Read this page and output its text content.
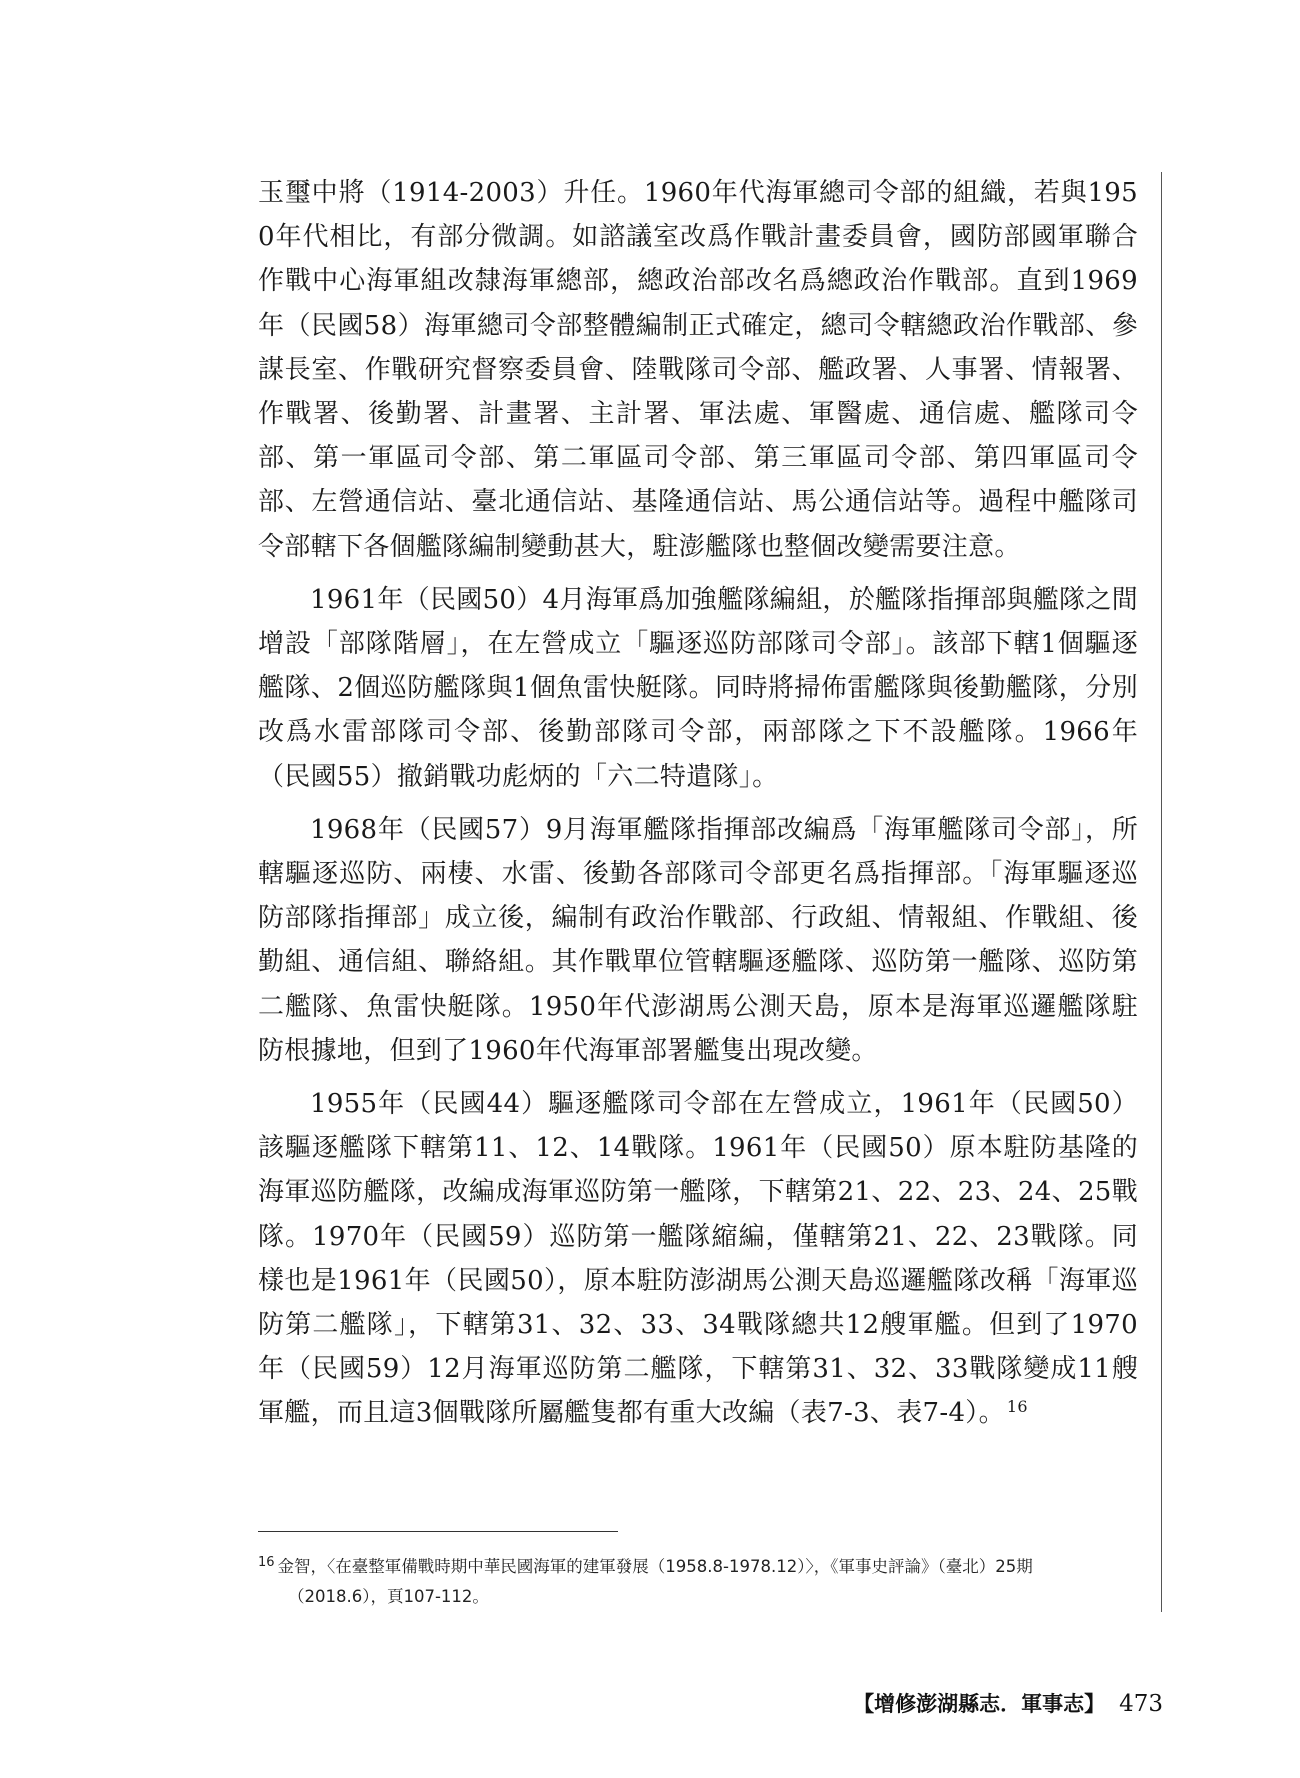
玉璽中將（1914-2003）升任。1960年代海軍總司令部的組織，若與1950年代相比，有部分微調。如諮議室改爲作戰計畫委員會，國防部國軍聯合作戰中心海軍組改隸海軍總部，總政治部改名爲總政治作戰部。直到1969年（民國58）海軍總司令部整體編制正式確定，總司令轄總政治作戰部、參謀長室、作戰研究督察委員會、陸戰隊司令部、艦政署、人事署、情報署、作戰署、後勤署、計畫署、主計署、軍法處、軍醫處、通信處、艦隊司令部、第一軍區司令部、第二軍區司令部、第三軍區司令部、第四軍區司令部、左營通信站、臺北通信站、基隆通信站、馬公通信站等。過程中艦隊司令部轄下各個艦隊編制變動甚大，駐澎艦隊也整個改變需要注意。

1961年（民國50）4月海軍爲加強艦隊編組，於艦隊指揮部與艦隊之間增設「部隊階層」，在左營成立「驅逐巡防部隊司令部」。該部下轄1個驅逐艦隊、2個巡防艦隊與1個魚雷快艇隊。同時將掃佈雷艦隊與後勤艦隊，分別改爲水雷部隊司令部、後勤部隊司令部，兩部隊之下不設艦隊。1966年（民國55）撤銷戰功彪炳的「六二特遣隊」。

1968年（民國57）9月海軍艦隊指揮部改編爲「海軍艦隊司令部」，所轄驅逐巡防、兩棲、水雷、後勤各部隊司令部更名爲指揮部。「海軍驅逐巡防部隊指揮部」成立後，編制有政治作戰部、行政組、情報組、作戰組、後勤組、通信組、聯絡組。其作戰單位管轄驅逐艦隊、巡防第一艦隊、巡防第二艦隊、魚雷快艇隊。1950年代澎湖馬公測天島，原本是海軍巡邏艦隊駐防根據地，但到了1960年代海軍部署艦隻出現改變。

1955年（民國44）驅逐艦隊司令部在左營成立，1961年（民國50）該驅逐艦隊下轄第11、12、14戰隊。1961年（民國50）原本駐防基隆的海軍巡防艦隊，改編成海軍巡防第一艦隊，下轄第21、22、23、24、25戰隊。1970年（民國59）巡防第一艦隊縮編，僅轄第21、22、23戰隊。同樣也是1961年（民國50），原本駐防澎湖馬公測天島巡邏艦隊改稱「海軍巡防第二艦隊」，下轄第31、32、33、34戰隊總共12艘軍艦。但到了1970年（民國59）12月海軍巡防第二艦隊，下轄第31、32、33戰隊變成11艘軍艦，而且這3個戰隊所屬艦隻都有重大改編（表7-3、表7-4）。 $^{16}$

$^{16}$ 金智，〈在臺整軍備戰時期中華民國海軍的建軍發展（1958.8-1978.12）〉，《軍事史評論》（臺北）25期
（2018.6），頁107-112。
【增修澎湖縣志．軍事志】 473
